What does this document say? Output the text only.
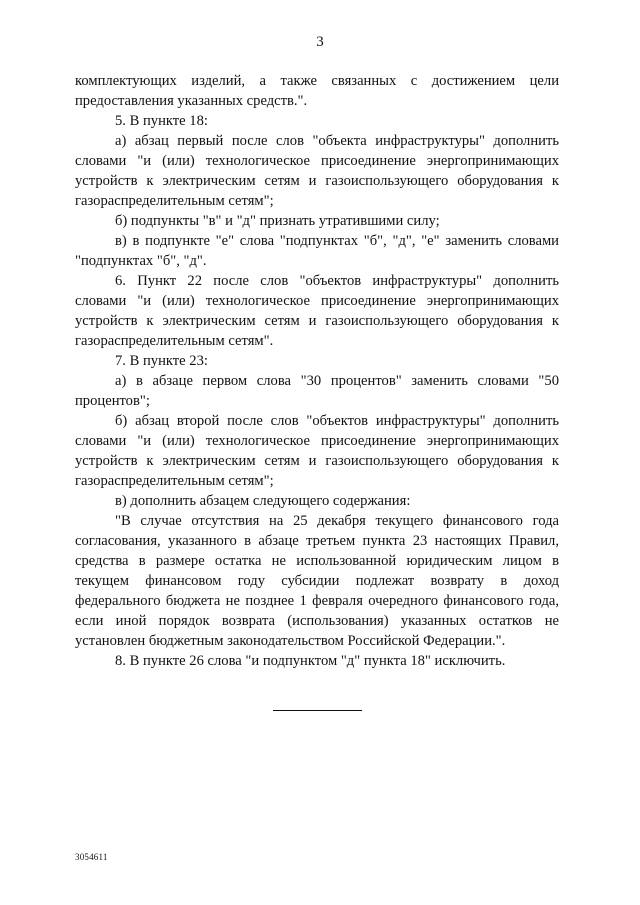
3

комплектующих изделий, а также связанных с достижением цели предоставления указанных средств.".

5. В пункте 18:

а) абзац первый после слов "объекта инфраструктуры" дополнить словами "и (или) технологическое присоединение энергопринимающих устройств к электрическим сетям и газоиспользующего оборудования к газораспределительным сетям";

б) подпункты "в" и "д" признать утратившими силу;

в) в подпункте "е" слова "подпунктах "б", "д", "е" заменить словами "подпунктах "б", "д".

6. Пункт 22 после слов "объектов инфраструктуры" дополнить словами "и (или) технологическое присоединение энергопринимающих устройств к электрическим сетям и газоиспользующего оборудования к газораспределительным сетям".

7. В пункте 23:

а) в абзаце первом слова "30 процентов" заменить словами "50 процентов";

б) абзац второй после слов "объектов инфраструктуры" дополнить словами "и (или) технологическое присоединение энергопринимающих устройств к электрическим сетям и газоиспользующего оборудования к газораспределительным сетям";

в) дополнить абзацем следующего содержания:

"В случае отсутствия на 25 декабря текущего финансового года согласования, указанного в абзаце третьем пункта 23 настоящих Правил, средства в размере остатка не использованной юридическим лицом в текущем финансовом году субсидии подлежат возврату в доход федерального бюджета не позднее 1 февраля очередного финансового года, если иной порядок возврата (использования) указанных остатков не установлен бюджетным законодательством Российской Федерации.".

8. В пункте 26 слова "и подпунктом "д" пункта 18" исключить.

3054611
